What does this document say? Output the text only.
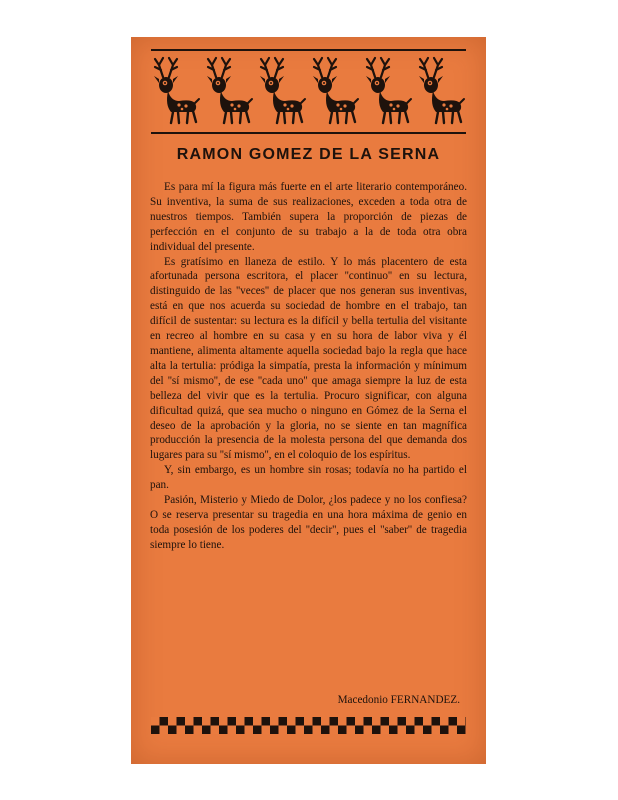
RAMON GOMEZ DE LA SERNA

Es para mí la figura más fuerte en el arte literario contemporáneo. Su inventiva, la suma de sus realizaciones, exceden a toda otra de nuestros tiempos. También supera la proporción de piezas de perfección en el conjunto de su trabajo a la de toda otra obra individual del presente.

Es gratísimo en llaneza de estilo. Y lo más placentero de esta afortunada persona escritora, el placer ''continuo'' en su lectura, distinguido de las ''veces'' de placer que nos generan sus inventivas, está en que nos acuerda su sociedad de hombre en el trabajo, tan difícil de sustentar: su lectura es la difícil y bella tertulia del visitante en recreo al hombre en su casa y en su hora de labor viva y él mantiene, alimenta altamente aquella sociedad bajo la regla que hace alta la tertulia: pródiga la simpatía, presta la información y mínimum del ''sí mismo'', de ese ''cada uno'' que amaga siempre la luz de esta belleza del vivir que es la tertulia. Procuro significar, con alguna dificultad quizá, que sea mucho o ninguno en Gómez de la Serna el deseo de la aprobación y la gloria, no se siente en tan magnífica producción la presencia de la molesta persona del que demanda dos lugares para su ''sí mismo'', en el coloquio de los espíritus.

Y, sin embargo, es un hombre sin rosas; todavía no ha partido el pan.

Pasión, Misterio y Miedo de Dolor, ¿los padece y no los confiesa? O se reserva presentar su tragedia en una hora máxima de genio en toda posesión de los poderes del ''decir'', pues el ''saber'' de tragedia siempre lo tiene.

Macedonio FERNANDEZ.
